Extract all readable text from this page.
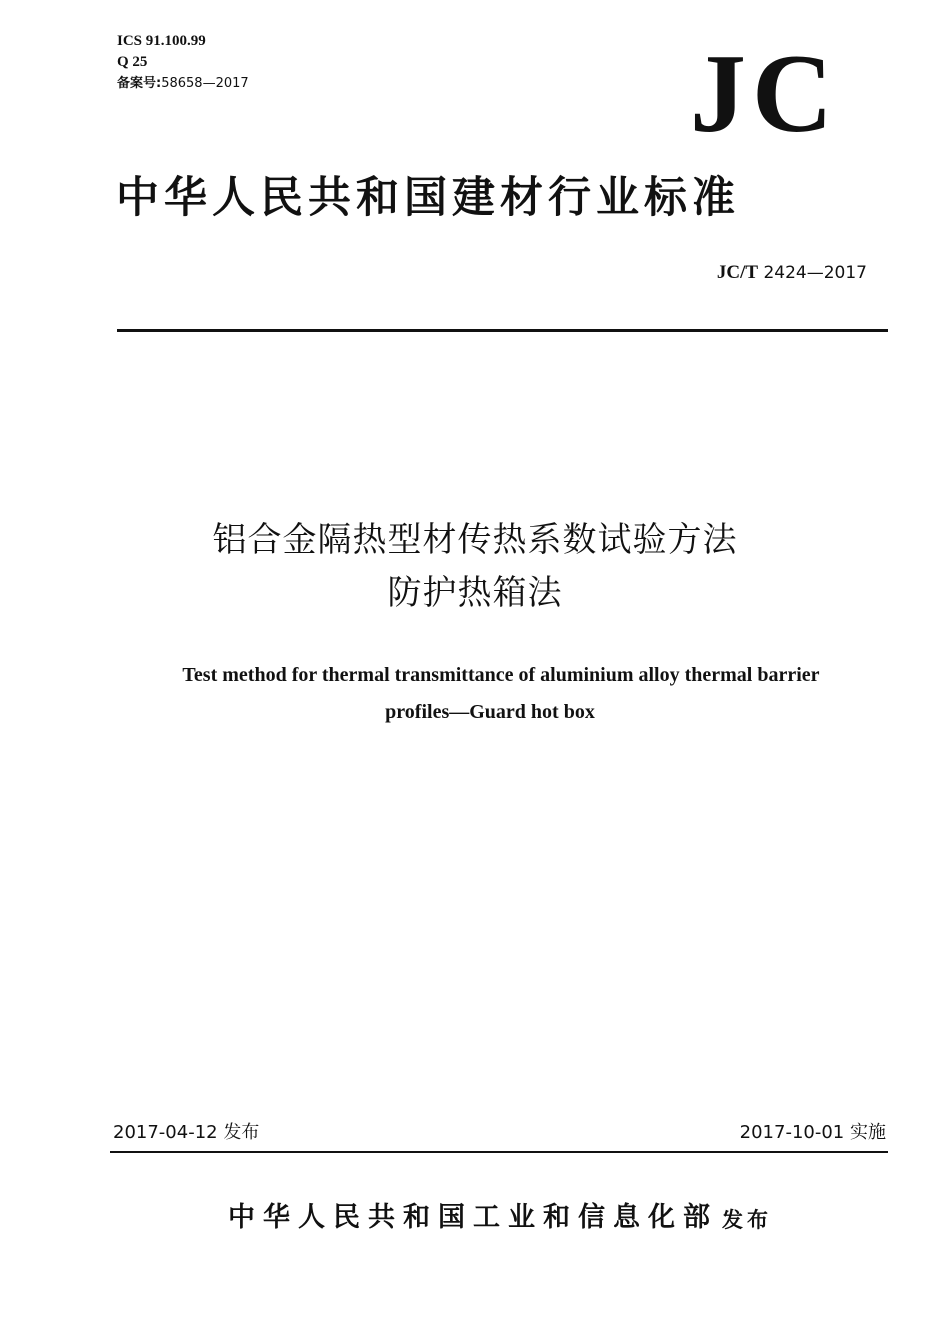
ICS 91.100.99
Q 25
备案号:58658—2017	JC
中华人民共和国建材行业标准
JC/T 2424—2017
铝合金隔热型材传热系数试验方法
防护热箱法
Test method for thermal transmittance of aluminium alloy thermal barrier
profiles—Guard hot box
2017-04-12 发布	2017-10-01 实施
中华人民共和国工业和信息化部 发布
